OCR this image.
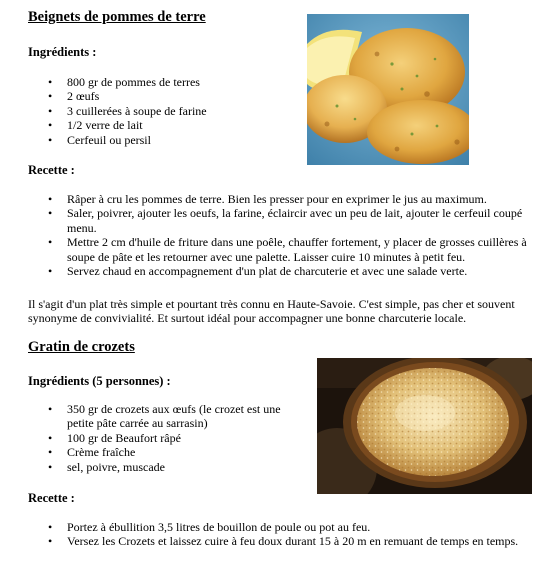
Beignets de pommes de terre
Ingrédients :
• 800 gr de pommes de terres
• 2 œufs
• 3 cuillerées à soupe de farine
• 1/2 verre de lait
• Cerfeuil ou persil
Recette :
• Râper à cru les pommes de terre. Bien les presser pour en exprimer le jus au maximum.
• Saler, poivrer, ajouter les oeufs, la farine, éclaircir avec un peu de lait, ajouter le cerfeuil coupé menu.
• Mettre 2 cm d'huile de friture dans une poêle, chauffer fortement, y placer de grosses cuillères à soupe de pâte et les retourner avec une palette. Laisser cuire 10 minutes à petit feu.
• Servez chaud en accompagnement d'un plat de charcuterie et avec une salade verte.

Il s'agit d'un plat très simple et pourtant très connu en Haute-Savoie. C'est simple, pas cher et souvent synonyme de convivialité. Et surtout idéal pour accompagner une bonne charcuterie locale.

Gratin de crozets
Ingrédients (5 personnes) :
• 350 gr de crozets aux œufs (le crozet est une petite pâte carrée au sarrasin)
• 100 gr de Beaufort râpé
• Crème fraîche
• sel, poivre, muscade
Recette :
• Portez à ébullition 3,5 litres de bouillon de poule ou pot au feu.
• Versez les Crozets et laissez cuire à feu doux durant 15 à 20 m en remuant de temps en temps.
